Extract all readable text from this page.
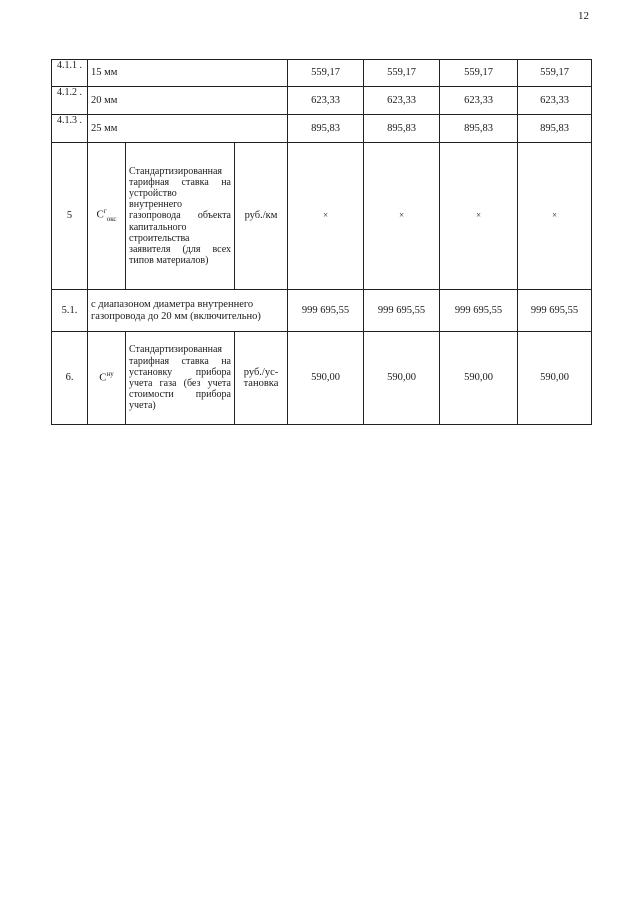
12
4.1.1 .	15 мм			559,17	559,17	559,17	559,17
4.1.2 .	20 мм			623,33	623,33	623,33	623,33
4.1.3 .	25 мм			895,83	895,83	895,83	895,83
5	$C^г_{окс}$	Стандартизированная тарифная ставка на устройство внутреннего газопровода объекта капитального строительства заявителя (для всех типов материалов)	руб./км	×	×	×	×
5.1.	с диапазоном диаметра внутреннего газопровода до 20 мм (включительно)			999 695,55	999 695,55	999 695,55	999 695,55
6.	$C^{ну}$	Стандартизированная тарифная ставка на установку прибора учета газа (без учета стоимости прибора учета)	руб./ус-тановка	590,00	590,00	590,00	590,00
